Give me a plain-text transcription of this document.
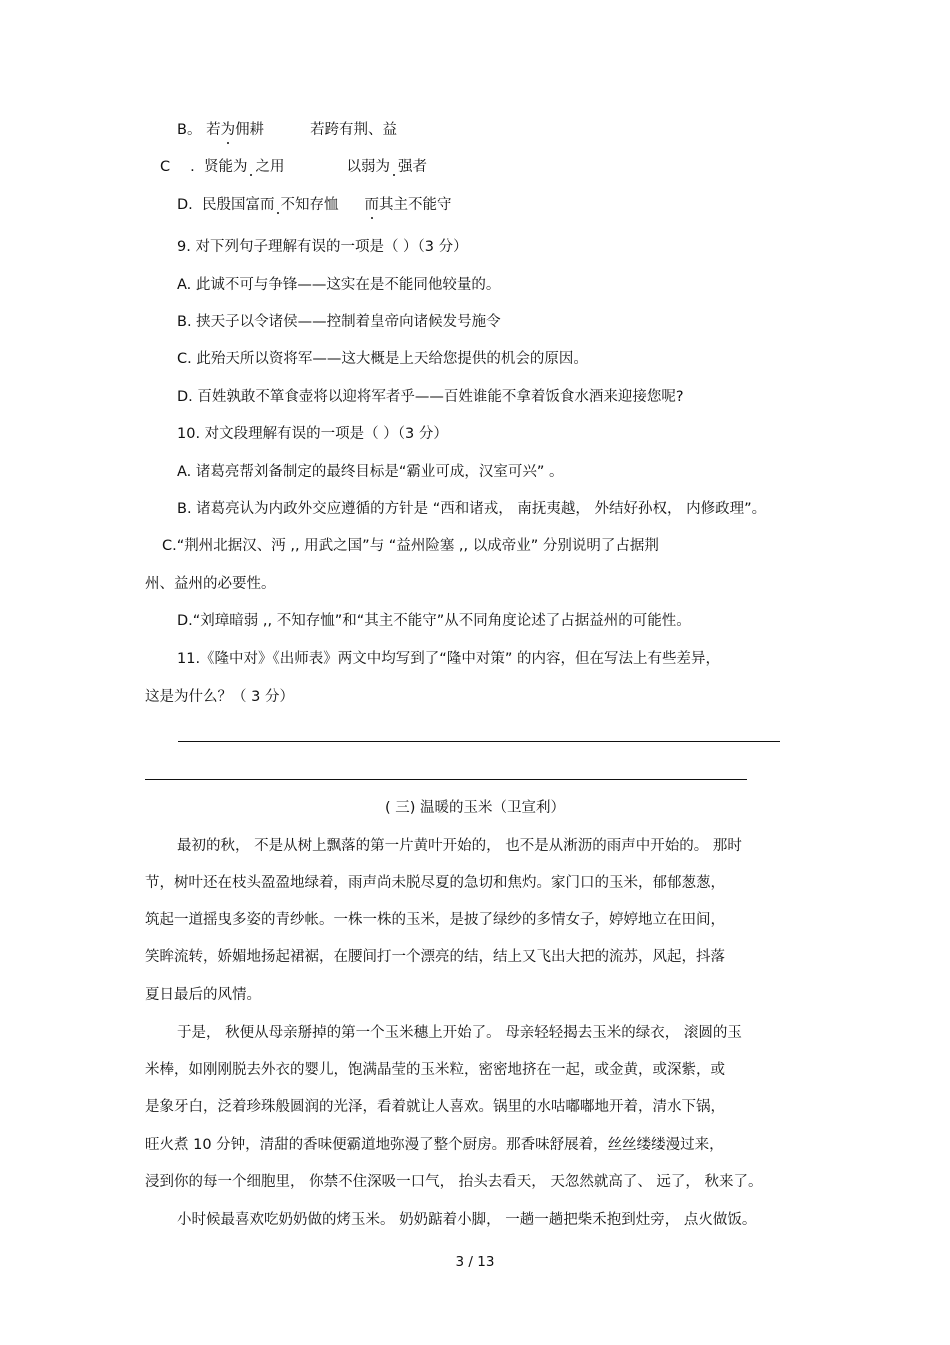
B。 若为佣耕	若跨有荆、益
C . 贤能为 之用	以弱为 强者
D. 民殷国富而 不知存恤 而其主不能守
9. 对下列句子理解有误的一项是（ ）（3 分）
A. 此诚不可与争锋——这实在是不能同他较量的。
B. 挟天子以令诸侯——控制着皇帝向诸候发号施令
C. 此殆天所以资将军——这大概是上天给您提供的机会的原因。
D. 百姓孰敢不箪食壶将以迎将军者乎——百姓谁能不拿着饭食水酒来迎接您呢?
10. 对文段理解有误的一项是（ ）（3 分）
A. 诸葛亮帮刘备制定的最终目标是“霸业可成，汉室可兴” 。
B. 诸葛亮认为内政外交应遵循的方针是 “西和诸戎， 南抚夷越， 外结好孙权， 内修政理”。
C.“荆州北据汉、沔 ,, 用武之国”与 “益州险塞 ,, 以成帝业” 分别说明了占据荆
州、益州的必要性。
D.“刘璋暗弱 ,, 不知存恤”和“其主不能守”从不同角度论述了占据益州的可能性。
11.《隆中对》《出师表》两文中均写到了“隆中对策” 的内容，但在写法上有些差异，
这是为什么？（ 3 分）
( 三) 温暖的玉米（卫宣利）
最初的秋， 不是从树上飘落的第一片黄叶开始的， 也不是从淅沥的雨声中开始的。 那时
节，树叶还在枝头盈盈地绿着，雨声尚未脱尽夏的急切和焦灼。家门口的玉米，郁郁葱葱，
筑起一道摇曳多姿的青纱帐。一株一株的玉米，是披了绿纱的多情女子，婷婷地立在田间，
笑眸流转，娇媚地扬起裙裾，在腰间打一个漂亮的结，结上又飞出大把的流苏，风起，抖落
夏日最后的风情。
于是， 秋便从母亲掰掉的第一个玉米穗上开始了。 母亲轻轻揭去玉米的绿衣， 滚圆的玉
米棒，如刚刚脱去外衣的婴儿，饱满晶莹的玉米粒，密密地挤在一起，或金黄，或深紫，或
是象牙白，泛着珍珠般圆润的光泽，看着就让人喜欢。锅里的水咕嘟嘟地开着，清水下锅，
旺火煮 10 分钟，清甜的香味便霸道地弥漫了整个厨房。那香味舒展着，丝丝缕缕漫过来，
浸到你的每一个细胞里， 你禁不住深吸一口气， 抬头去看天， 天忽然就高了、 远了， 秋来了。
小时候最喜欢吃奶奶做的烤玉米。 奶奶踮着小脚， 一趟一趟把柴禾抱到灶旁， 点火做饭。
3 / 13
